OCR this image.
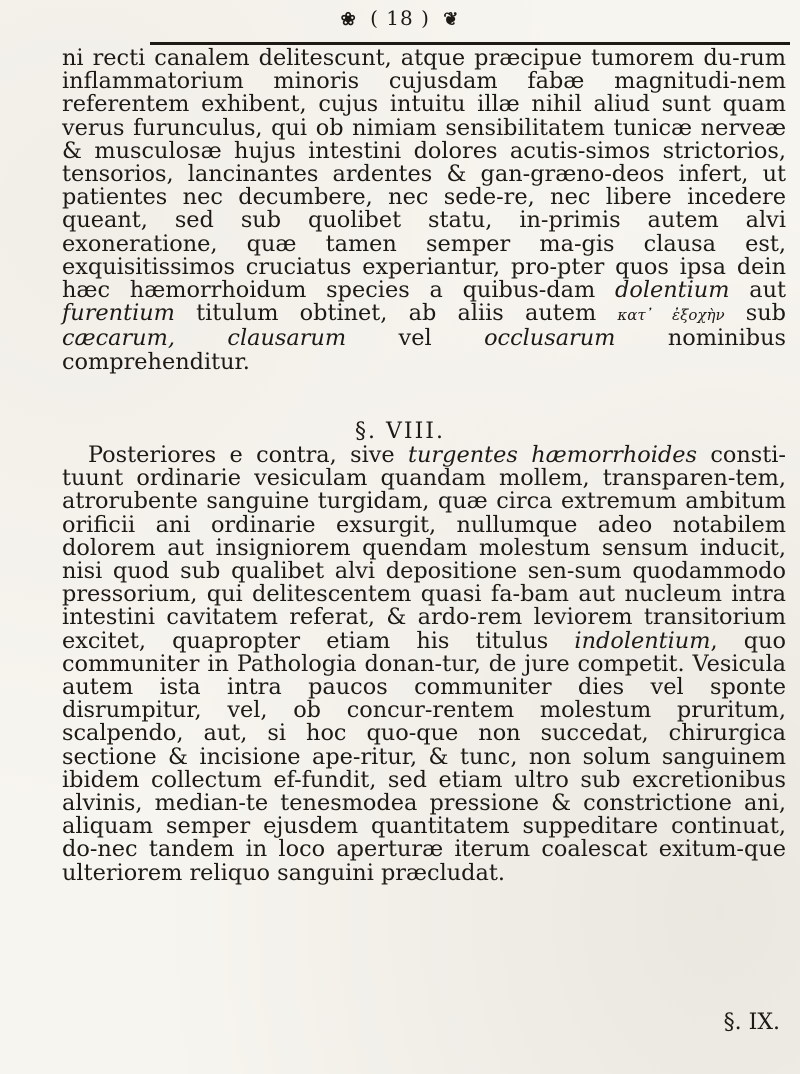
❀ ( 18 ) ❦

ni recti canalem delitescunt, atque præcipue tumorem du-rum inflammatorium minoris cujusdam fabæ magnitudi-nem referentem exhibent, cujus intuitu illæ nihil aliud sunt quam verus furunculus, qui ob nimiam sensibilitatem tunicæ nerveæ & musculosæ hujus intestini dolores acutis-simos strictorios, tensorios, lancinantes ardentes & gan-græno-deos infert, ut patientes nec decumbere, nec sede-re, nec libere incedere queant, sed sub quolibet statu, in-primis autem alvi exoneratione, quæ tamen semper ma-gis clausa est, exquisitissimos cruciatus experiantur, pro-pter quos ipsa dein hæc hæmorrhoidum species a quibus-dam dolentium aut furentium titulum obtinet, ab aliis autem κατ᾽ ἐξοχὴν sub cæcarum, clausarum vel occlusarum nominibus comprehenditur.

§. VIII.

Posteriores e contra, sive turgentes hæmorrhoides consti-tuunt ordinarie vesiculam quandam mollem, transparen-tem, atrorubente sanguine turgidam, quæ circa extremum ambitum orificii ani ordinarie exsurgit, nullumque adeo notabilem dolorem aut insigniorem quendam molestum sensum inducit, nisi quod sub qualibet alvi depositione sen-sum quodammodo pressorium, qui delitescentem quasi fa-bam aut nucleum intra intestini cavitatem referat, & ardo-rem leviorem transitorium excitet, quapropter etiam his titulus indolentium, quo communiter in Pathologia donan-tur, de jure competit. Vesicula autem ista intra paucos communiter dies vel sponte disrumpitur, vel, ob concur-rentem molestum pruritum, scalpendo, aut, si hoc quo-que non succedat, chirurgica sectione & incisione ape-ritur, & tunc, non solum sanguinem ibidem collectum ef-fundit, sed etiam ultro sub excretionibus alvinis, median-te tenesmodea pressione & constrictione ani, aliquam semper ejusdem quantitatem suppeditare continuat, do-nec tandem in loco aperturæ iterum coalescat exitum-que ulteriorem reliquo sanguini præcludat.

§. IX.
